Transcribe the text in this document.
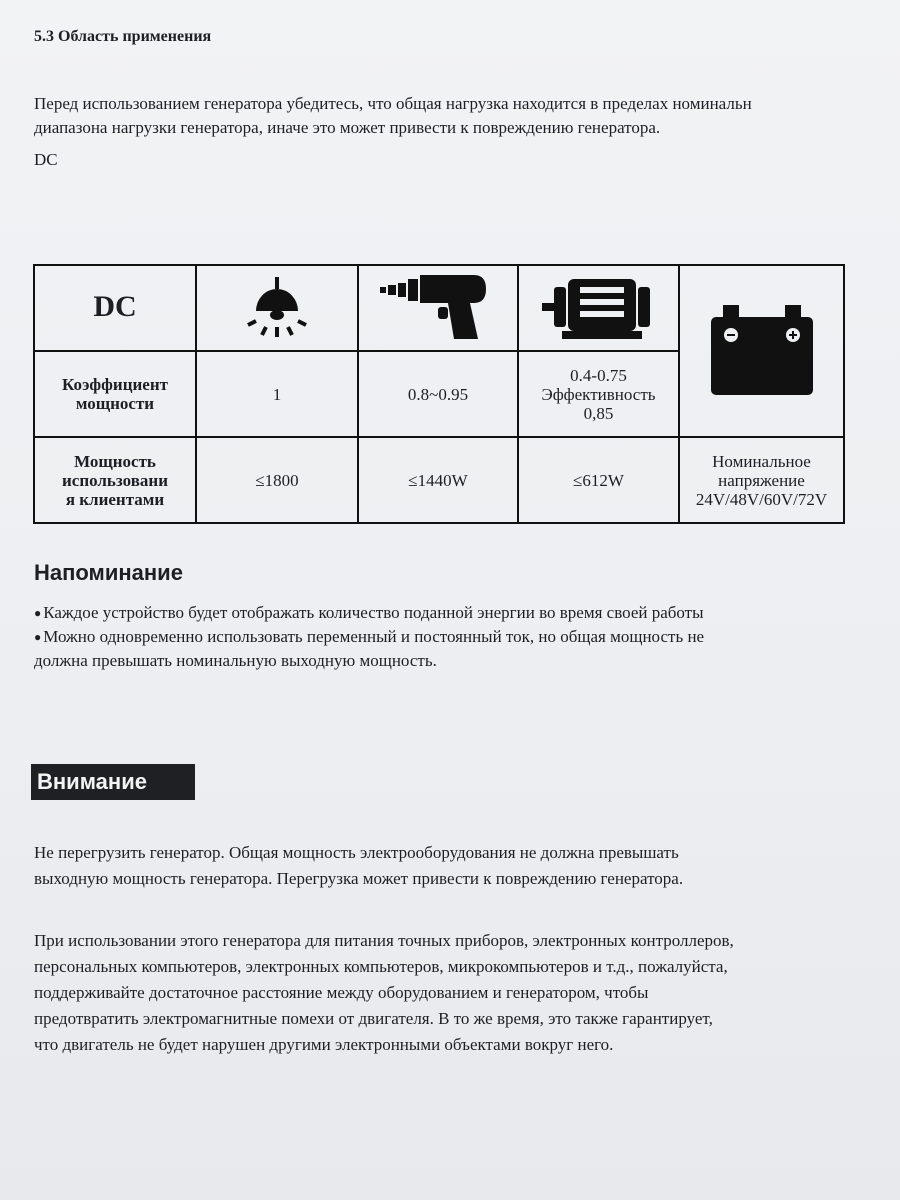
5.3 Область применения

Перед использованием генератора убедитесь, что общая нагрузка находится в пределах номинальн
диапазона нагрузки генератора, иначе это может привести к повреждению генератора.

DC

DC	

Коэффициент мощности	1	0.8~0.95	0.4-0.75
Эффективность
0,85	

Мощность
использовани
я клиентами	≤1800	≤1440W	≤612W	Номинальное
напряжение
24V/48V/60V/72V
Напоминание
● Каждое устройство будет отображать количество поданной энергии во время своей работы
● Можно одновременно использовать переменный и постоянный ток, но общая мощность не
должна превышать номинальную выходную мощность.
Внимание

Не перегрузить генератор. Общая мощность электрооборудования не должна превышать
выходную мощность генератора. Перегрузка может привести к повреждению генератора.

При использовании этого генератора для питания точных приборов, электронных контроллеров,
персональных компьютеров, электронных компьютеров, микрокомпьютеров и т.д., пожалуйста,
поддерживайте достаточное расстояние между оборудованием и генератором, чтобы
предотвратить электромагнитные помехи от двигателя. В то же время, это также гарантирует,
что двигатель не будет нарушен другими электронными объектами вокруг него.
